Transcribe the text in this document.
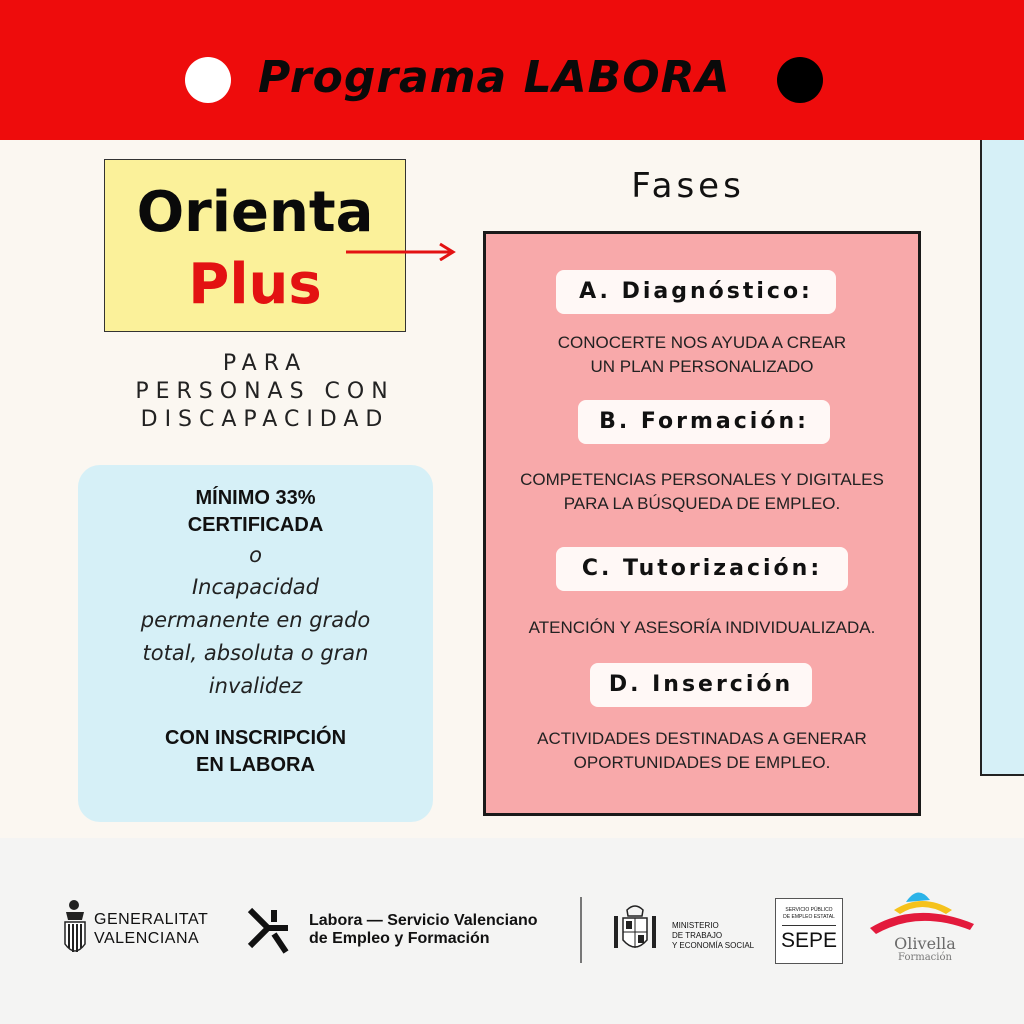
Programa LABORA
Orienta
Plus
PARA
PERSONAS CON
DISCAPACIDAD
MÍNIMO 33%
CERTIFICADA
o
Incapacidad
permanente en grado
total, absoluta o gran
invalidez
CON INSCRIPCIÓN
EN LABORA
Fases
A. Diagnóstico:
CONOCERTE NOS AYUDA A CREAR
UN PLAN PERSONALIZADO
B. Formación:
COMPETENCIAS PERSONALES Y DIGITALES
PARA LA BÚSQUEDA DE EMPLEO.
C. Tutorización:
ATENCIÓN Y ASESORÍA INDIVIDUALIZADA.
D. Inserción
ACTIVIDADES DESTINADAS A GENERAR
OPORTUNIDADES DE EMPLEO.
GENERALITAT
VALENCIANA
Labora — Servicio Valenciano
de Empleo y Formación
MINISTERIO
DE TRABAJO
Y ECONOMÍA SOCIAL
SERVICIO PÚBLICO
DE EMPLEO ESTATAL
SEPE	Olivella
Formación
